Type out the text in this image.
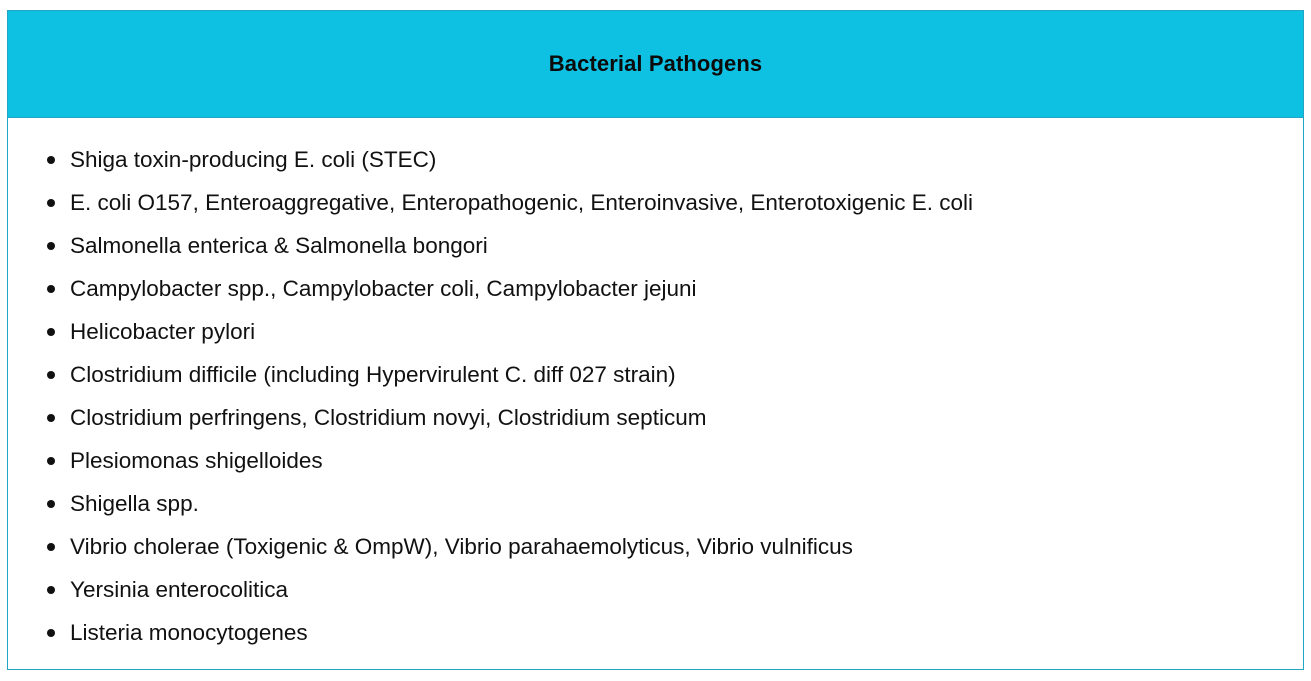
Bacterial Pathogens
Shiga toxin-producing E. coli (STEC)
E. coli O157, Enteroaggregative, Enteropathogenic, Enteroinvasive, Enterotoxigenic E. coli
Salmonella enterica & Salmonella bongori
Campylobacter spp., Campylobacter coli, Campylobacter jejuni
Helicobacter pylori
Clostridium difficile (including Hypervirulent C. diff 027 strain)
Clostridium perfringens, Clostridium novyi, Clostridium septicum
Plesiomonas shigelloides
Shigella spp.
Vibrio cholerae (Toxigenic & OmpW), Vibrio parahaemolyticus, Vibrio vulnificus
Yersinia enterocolitica
Listeria monocytogenes
